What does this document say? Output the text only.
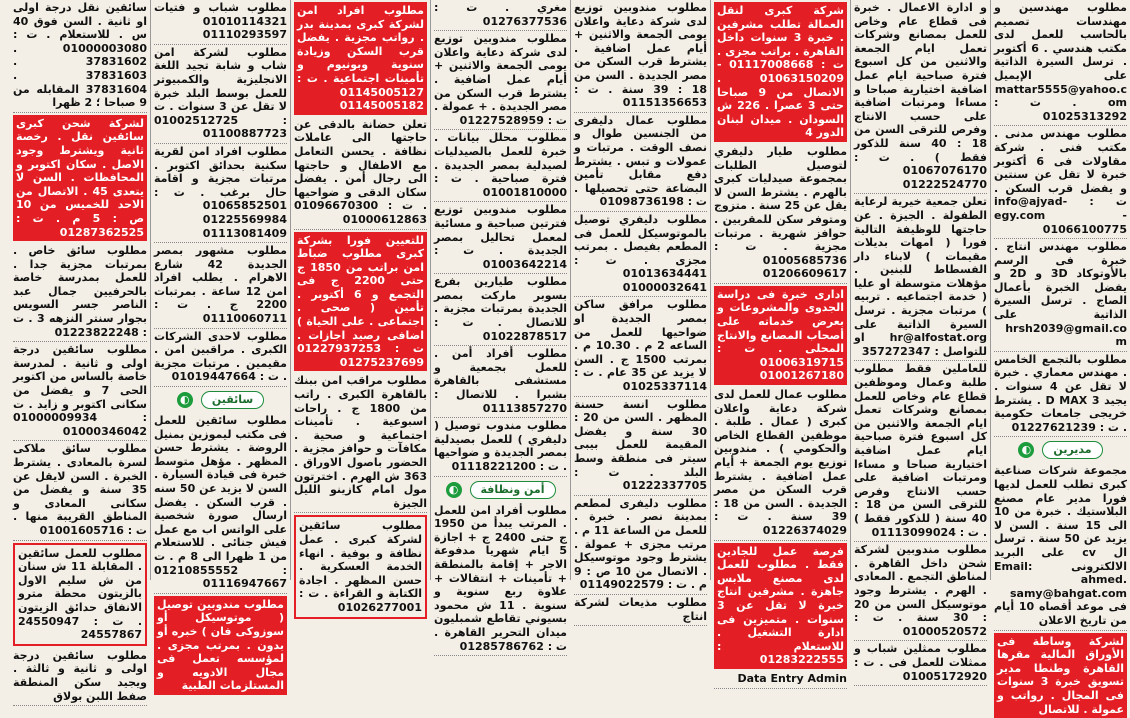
مطلوب مهندسين و مهندسات تصميم بالحاسب للعمل لدى مكتب هندسي . 6 أكتوبر . ترسل السيرة الذاتية على الإيميل mattar5555@yahoo.com . ت : 01025313292

مطلوب مهندس مدنى . مكتب فنى . شركة مقاولات فى 6 أكتوبر خبرة لا تقل عن سنتين و يفضل قرب السكن . ت : info@ajyad-egy.com - 01066100775

مطلوب مهندس انتاج . خبرة فى الرسم بالأوتوكاد 3D و 2D و يفضل الخبرة بأعمال الصاج . ترسل السيرة الذاتية على hrsh2039@gmail.com

مطلوب بالتجمع الخامس . مهندس معماري . خبرة لا تقل عن 4 سنوات . يجيد 3 D MAX . يشترط خريجى جامعات حكومية . ت : 01227621239

مديرين
◐

مجموعة شركات صناعية كبرى تطلب للعمل لديها فورا مدير عام مصنع البلاستيك . خبرة من 10 الى 15 سنة . السن لا يزيد عن 50 سنة . ترسل ال cv على البريد الالكترونى Email: ahmed. samy@bahgat.com فى موعد أقصاه 10 أيام من تاريخ الاعلان

لشركة وساطة فى الأوراق المالية مقرها القاهرة وطنطا مدير تسويق خبرة 3 سنوات فى المجال . رواتب و عمولة . للاتصال

و ادارة الاعمال . خبرة فى قطاع عام وخاص للعمل بمصانع وشركات تعمل ايام الجمعة والاثنين من كل اسبوع فترة صباحية ايام عمل اضافية اختيارية صباحا و مساءا ومرتبات اضافية على حسب الانتاج وفرص للترقى السن من 18 : 40 سنة للذكور فقط ) . ت : 01067076170 01222524770

تعلن جمعية خيرية لرعاية الطفولة . الجيزة . عن حاجتها للوظيفة التالية فورا ( امهات بديلات مقيمات ) لابناء دار الفسطاط للبنين . مؤهلات متوسطة او عليا ( خدمة اجتماعيه . تربيه ) مرتبات مجزية . ترسل السيرة الذاتية على hr@alfostat.org او للتواصل : 357272347

للعاملين فقط مطلوب طلبة وعمال وموظفين قطاع عام وخاص للعمل بمصانع وشركات تعمل ايام الجمعة والاثنين من كل اسبوع فترة صباحية ايام عمل اضافية اختيارية صباحا و مساءا ومرتبات اضافية على حسب الانتاج وفرص للترقى السن من 18 : 40 سنة ( للذكور فقط ) . ت : 01113099024

مطلوب مندوبين لشركة شحن داخل القاهرة . لمناطق التجمع . المعادى . الهرم . يشترط وجود موتوسيكل السن من 20 : 30 سنة . ت : 01000520572

مطلوب ممثلين شباب و ممثلات للعمل فى . ت : 01005172920

شركة كبرى لنقل العمالة تطلب مشرفين . خبرة 3 سنوات داخل القاهرة . براتب مجزى . ت : 01117008668 - 01063150209 . الاتصال من 9 صباحا حتى 3 عصرا . 226 ش السودان . ميدان لبنان الدور 4

مطلوب طيار دليفري لتوصيل الطلبات بمجموعة صيدليات كبرى بالهرم . يشترط السن لا يقل عن 25 سنة . متزوج ومتوفر سكن للمقربين . حوافز شهرية . مرتبات مجزية . ت : 01005685736 01206609617

ادارى خبرة فى دراسة الجدوى والمشروعات و بعرض خدماته على أصحاب المصانع والانتاج المحلى . ت : 01006319715 01001267180

مطلوب عمال للعمل لدى شركة دعاية واعلان كبرى ( عمال . طلبة . موظفين القطاع الخاص والحكومي ) . مندوبين توزيع يوم الجمعة + أيام عمل اضافية . يشترط قرب السكن من مصر الجديدة . السن من 18 : 39 سنة . ت : 01226374029

فرصة عمل للجادين فقط . مطلوب للعمل لدى مصنع ملابس جاهزة . مشرفين انتاج خبرة لا تقل عن 3 سنوات . متميزين فى ادارة التشغيل . للاستعلام : 01283222555

Data Entry Admin

مطلوب مندوبين توزيع لدى شركة دعاية واعلان يومى الجمعة والاثنين + أيام عمل اضافية . يشترط قرب السكن من مصر الجديدة . السن من 18 : 39 سنة . ت : 01151356653

مطلوب عمال دليفرى من الجنسين طوال و نصف الوقت . مرتبات و عمولات و تبس . يشترط دفع مقابل تأمين البضاعة حتى تحصيلها . ت : 01098736198

مطلوب دليفري توصيل بالموتوسيكل للعمل فى المطعم بفيصل . بمرتب مجزى . ت : 01013634441 01000032641

مطلوب مرافق ساكن بمصر الجديدة او ضواحيها للعمل من الساعه 2 م . 10.30 م . بمرتب 1500 ج . السن لا يزيد عن 35 عام . ت : 01025337114

مطلوب انسة حسنة المظهر . السن من 20 : 30 سنة و يفضل المقيمة للعمل بيبى سيتر فى منطقة وسط البلد . ت : 01222337705

مطلوب دليفرى لمطعم بمدينة نصر . خبرة . للعمل من الساعة 11 م . مرتب مجزى + عمولة . يشترط وجود موتوسيكل . الاتصال من 10 ص : 9 م . ت : 01149022579

مطلوب مذيعات لشركة انتاج

مغري . ت : 01276377536

مطلوب مندوبين توزيع لدى شركة دعاية واعلان يومى الجمعة والاثنين + أيام عمل اضافية . يشترط قرب السكن من مصر الجديدة . + عمولة . ت : 01227528959

مطلوب محلل بيانات . خبرة للعمل بالصيدليات لصيدلية بمصر الجديدة . فترة صباحية . ت : 01001810000

مطلوب مندوبين توزيع فترتين صباحية و مسائية لمعمل تحاليل بمصر الجديدة . ت : 01003642214

مطلوب طيارين بفرع بسوبر ماركت بمصر الجديدة بمرتبات مجزية . للاتصال . ت : 01022878517

مطلوب أفراد أمن . للعمل بجمعية و مستشفى بالقاهرة بشبرا . للاتصال : 01113857270

مطلوب مندوب توصيل ( دليفري ) للعمل بصيدلية بمصر الجديدة و ضواحيها . ت : 01118221200

أمن ونظافة
◐

مطلوب أفراد امن للعمل . المرتب يبدأ من 1950 ج حتى 2400 ج + اجازة 5 ايام شهريا مدفوعة الاجر + إقامة بالمنطقة + تأمينات + انتقالات + علاوة ربع سنوية و سنوية . 11 ش محمود بسيوني تقاطع شمبليون ميدان التحرير القاهرة . ت : 01285786762

مطلوب افراد امن لشركة كبرى بمدينة بدر . رواتب مجزية . يفضل قرب السكن وزيادة سنوية وبونيوم و تأمينات اجتماعية . ت : 01145005127 01145005182

تعلن حضانة بالدقى عن حاجتها الى عاملات نظافة . يحسن التعامل مع الاطفال و حاجتها الى رجال أمن . يفضل سكان الدقى و ضواحيها . ت : 01096670300 01000612863

للتعيين فورا بشركة كبرى مطلوب ضباط امن براتب من 1850 ج حتى 2200 ج فى التجمع و 6 أكتوبر . تأمين ( صحى . اجتماعى . على الحياة ) اضافى رصيد اجازات . ت : 01227937253 01275237699

مطلوب مراقب امن ببنك بالقاهرة الكبرى . راتب من 1800 ج . راحات اسبوعية . تأمينات اجتماعية و صحية . مكافآت و حوافز مجزية . الحضور باصول الاوراق . 363 ش الهرم . اخترتون مول امام كازينو الليل الجيزة

مطلوب سائقين لشركة كبرى . عمل نظافة و بوفية . انهاء الخدمة العسكرية . حسن المظهر . اجادة الكتابة و القراءة . ت : 01026277001

مطلوب شباب و فتيات 01010114321 01110293597

مطلوب لشركة امن شاب و شابة تجيد اللغة الانجليزية والكمبيوتر للعمل بوسط البلد خبرة لا تقل عن 3 سنوات . ت : 01002512725 01100887723

مطلوب افراد امن لقرية سكنية بحدائق اكتوبر . مرتبات مجزية و اقامة حال برغب . ت : 01065852501 01225569984 01113081409

مطلوب مشهور بمصر الجديدة 42 شارع الاهرام . يطلب افراد امن 12 ساعة . بمرتبات 2200 ج . ت : 01110060711

مطلوب لاحدى الشركات الكبرى . مراقبين امن . مقيمين . مرتبات مجزية . ت : 01019447664

سائقين
◐

مطلوب سائقين للعمل فى مكتب ليموزين بمنيل الروضة . يشترط حسن المظهر . مؤهل متوسط خبرة فى قيادة السيارة . السن لا يزيد عن 50 سنه . قرب السكن . يفضل ارسال صورة شخصية على الواتس اب مع عمل فيش جنائى . للاستعلام من 1 ظهرا الى 8 م . ت : 01210855552 01116947667

مطلوب مندوبين توصيل ( موتوسيكل أو سوزوكى فان ) خبره أو بدون . بمرتب مجزى . لمؤسسه تعمل فى مجال الادويه و المستلزمات الطبية

سائقين نقل درجة اولى او ثانية . السن فوق 40 س . للاستعلام . ت : 01000003080 . 37831602 . 37831603 . 37831604 المقابله من 9 صباحا ؛ 2 ظهرا

لشركة شحن كبرى سائقين نقل . رخصة ثانية ويشترط وجود الاصل . سكان اكتوبر و المحافظات . السن لا يتعدى 45 . الاتصال من الاحد للخميس من 10 ص : 5 م . ت : 01287362525

مطلوب سائق خاص . بمرتبات مجزية جدا . للعمل بمدرسة خاصة بالحرفيين جمال عبد الناصر جسر السويس بجوار سنتر النزهه 3 . ت : 01223822248

مطلوب سائقين درجة اولى و ثانية . لمدرسة خاصة بالساس من اكتوبر الحى 7 و يفضل من سكانى اكتوبر و زايد . ت : 01000009934 01000346042

مطلوب سائق ملاكى لسرة بالمعادى . يشترط الخبرة . السن لايقل عن 35 سنة و يفضل من سكانى المعادى و المناطق القريبة منها . ت : 01001605716

مطلوب للعمل سائقين . المقابلة 11 ش سنان من ش سليم الاول بالزيتون محطة مترو الانفاق حدائق الزيتون . ت : 24550947 24557867

مطلوب سائقين درجة اولى و ثانية و ثالثة . ويجيد سكن المنطقة صفط اللبن بولاق
